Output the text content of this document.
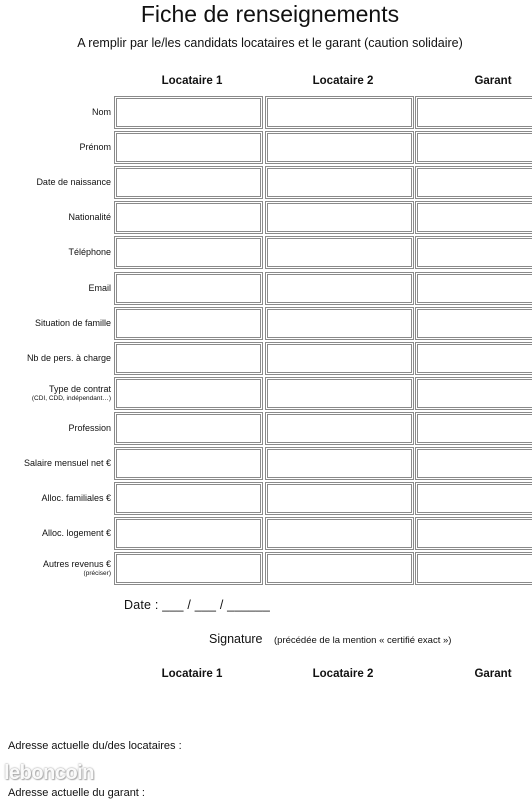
Fiche de renseignements
A remplir par le/les candidats locataires et le garant (caution solidaire)
Locataire 1	Locataire 2	Garant
Nom
Prénom
Date de naissance
Nationalité
Téléphone
Email
Situation de famille
Nb de pers. à charge
Type de contrat
(CDI, CDD, indépendant…)
Profession
Salaire mensuel net €
Alloc. familiales €
Alloc. logement €
Autres revenus €
(préciser)
Date : ___ / ___ / ______
Signature (précédée de la mention « certifié exact »)
Locataire 1	Locataire 2	Garant
Adresse actuelle du/des locataires :
Adresse actuelle du garant :
leboncoin
